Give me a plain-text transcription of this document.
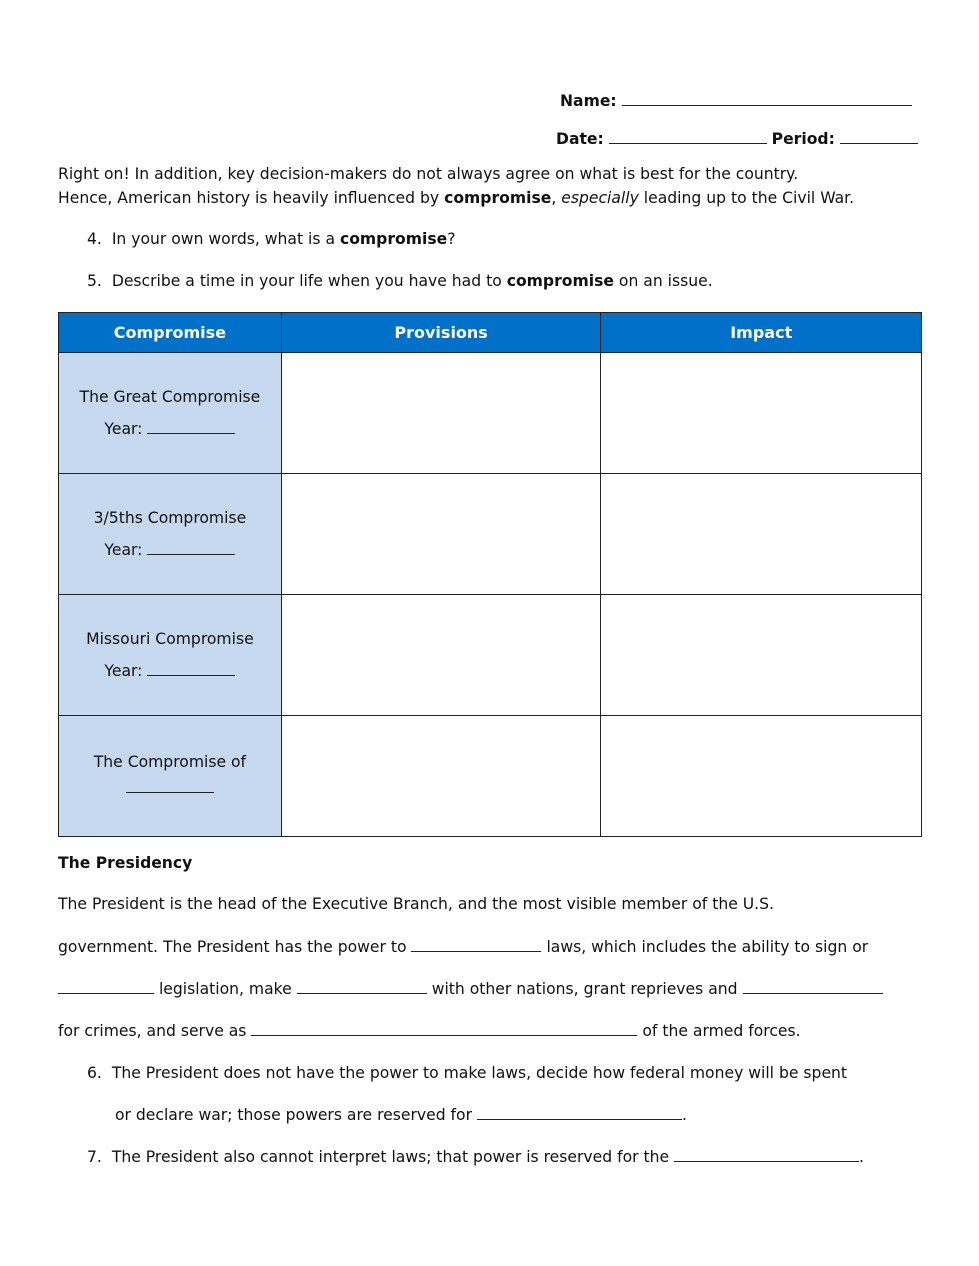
Name:
Date:	Period:
Right on! In addition, key decision-makers do not always agree on what is best for the country.
Hence, American history is heavily influenced by compromise, especially leading up to the Civil War.
4. In your own words, what is a compromise?
5. Describe a time in your life when you have had to compromise on an issue.
Compromise	Provisions	Impact

The Great Compromise
Year:		

3/5ths Compromise
Year:		

Missouri Compromise
Year:		

The Compromise of		

The Presidency
The President is the head of the Executive Branch, and the most visible member of the U.S.
government. The President has the power to	laws, which includes the ability to sign or
legislation, make	with other nations, grant reprieves and
for crimes, and serve as	of the armed forces.
6. The President does not have the power to make laws, decide how federal money will be spent
or declare war; those powers are reserved for	.
7. The President also cannot interpret laws; that power is reserved for the	.
